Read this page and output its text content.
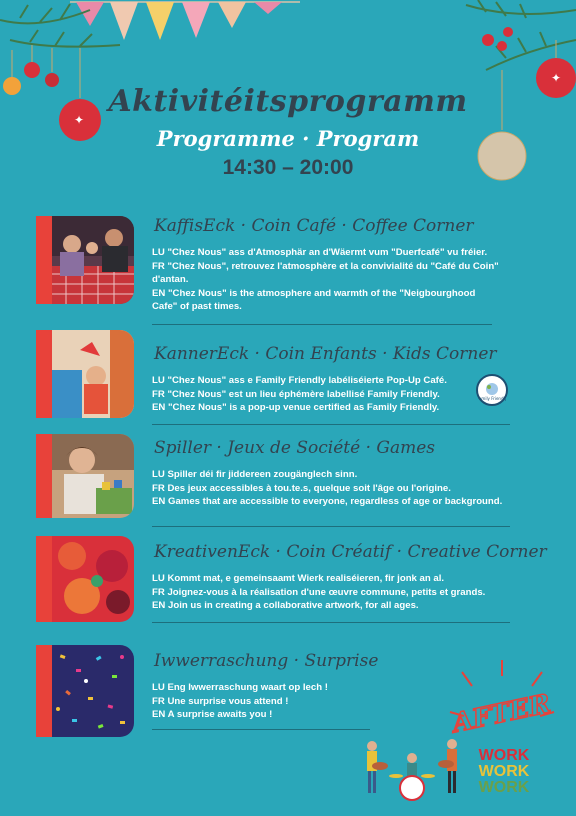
✦
✦
Aktivitéitsprogramm
Programme · Program
14:30 – 20:00
KaffisEck · Coin Café · Coffee Corner
LU "Chez Nous" ass d'Atmosphär an d'Wäermt vum "Duerfcafé" vu fréier.
FR "Chez Nous", retrouvez l'atmosphère et la convivialité du "Café du Coin"
d'antan.
EN "Chez Nous" is the atmosphere and warmth of the "Neigbourghood
Cafe" of past times.
KannerEck · Coin Enfants · Kids Corner
LU "Chez Nous" ass e Family Friendly labéliséierte Pop-Up Café.
FR "Chez Nous" est un lieu éphémère labellisé Family Friendly.
EN "Chez Nous" is a pop-up venue certified as Family Friendly.
Family Friendly
Spiller · Jeux de Société · Games
LU Spiller déi fir jiddereen zougänglech sinn.
FR Des jeux accessibles à tou.te.s, quelque soit l'âge ou l'origine.
EN Games that are accessible to everyone, regardless of age or background.
KreativenEck · Coin Créatif · Creative Corner
LU Kommt mat, e gemeinsaamt Wierk realiséieren, fir jonk an al.
FR Joignez-vous à la réalisation d'une œuvre commune, petits et grands.
EN Join us in creating a collaborative artwork, for all ages.
Iwwerraschung · Surprise
LU Eng Iwwerraschung waart op Iech !
FR Une surprise vous attend !
EN A surprise awaits you !	AFTER
WORK
WORK
WORK
